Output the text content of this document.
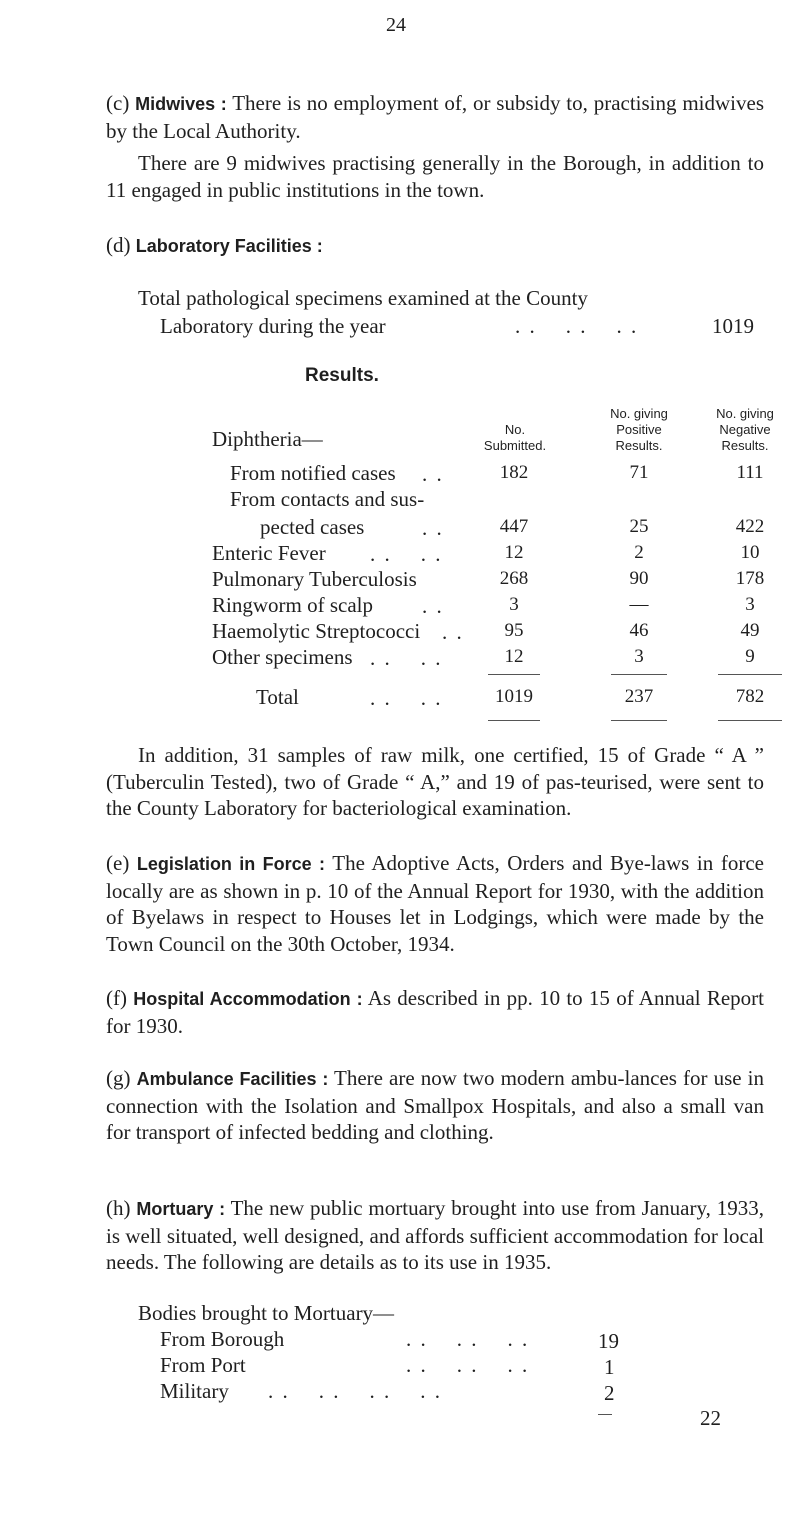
24
(c) Midwives : There is no employment of, or subsidy to, practising midwives by the Local Authority.
There are 9 midwives practising generally in the Borough, in addition to 11 engaged in public institutions in the town.
(d) Laboratory Facilities :
Total pathological specimens examined at the County
Laboratory during the year	. .    . .    . .	1019
Results.
No.
Submitted.
No. giving
Positive
Results.
No. giving
Negative
Results.
Diphtheria—
From notified cases . .	182	71	111
From contacts and sus-
pected cases	. .	447	25	422
Enteric Fever . .    . .	12	2	10
Pulmonary Tuberculosis	268	90	178
Ringworm of scalp . .	3	—	3
Haemolytic Streptococci . .	95	46	49
Other specimens . .    . .	12	3	9
Total	. .    . .	1019	237	782
In addition, 31 samples of raw milk, one certified, 15 of Grade “ A ” (Tuberculin Tested), two of Grade “ A,” and 19 of pas-teurised, were sent to the County Laboratory for bacteriological examination.
(e) Legislation in Force : The Adoptive Acts, Orders and Bye-laws in force locally are as shown in p. 10 of the Annual Report for 1930, with the addition of Byelaws in respect to Houses let in Lodgings, which were made by the Town Council on the 30th October, 1934.
(f) Hospital Accommodation : As described in pp. 10 to 15 of Annual Report for 1930.
(g) Ambulance Facilities : There are now two modern ambu-lances for use in connection with the Isolation and Smallpox Hospitals, and also a small van for transport of infected bedding and clothing.
(h) Mortuary : The new public mortuary brought into use from January, 1933, is well situated, well designed, and affords sufficient accommodation for local needs. The following are details as to its use in 1935.
Bodies brought to Mortuary—
From Borough	. .    . .    . .	19
From Port	. .    . .    . .	1
Military . .    . .    . .    . .	2
22
